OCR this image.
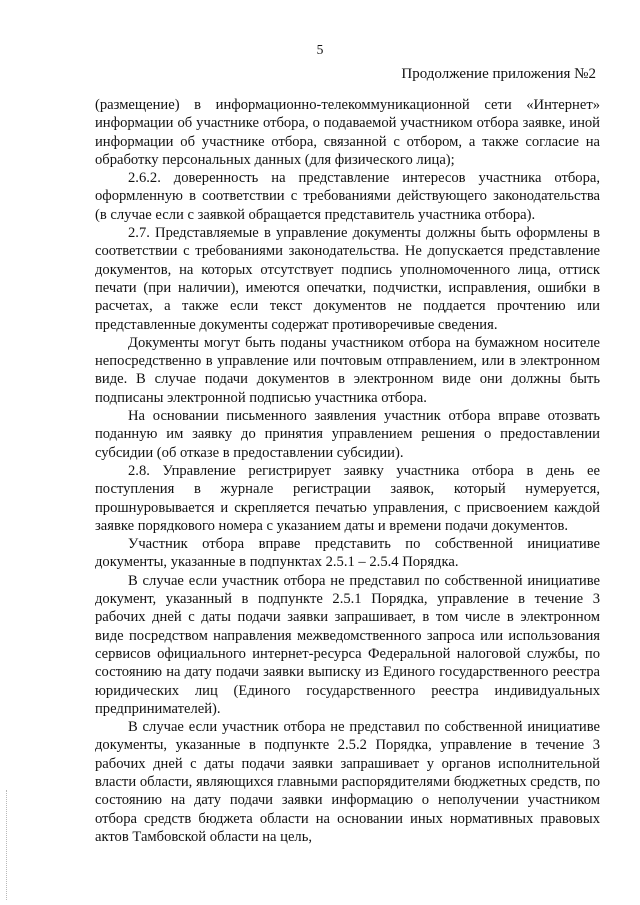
5
Продолжение приложения №2

(размещение) в информационно-телекоммуникационной сети «Интернет» информации об участнике отбора, о подаваемой участником отбора заявке, иной информации об участнике отбора, связанной с отбором, а также согласие на обработку персональных данных (для физического лица);

2.6.2. доверенность на представление интересов участника отбора, оформленную в соответствии с требованиями действующего законодательства (в случае если с заявкой обращается представитель участника отбора).

2.7. Представляемые в управление документы должны быть оформлены в соответствии с требованиями законодательства. Не допускается представление документов, на которых отсутствует подпись уполномоченного лица, оттиск печати (при наличии), имеются опечатки, подчистки, исправления, ошибки в расчетах, а также если текст документов не поддается прочтению или представленные документы содержат противоречивые сведения.

Документы могут быть поданы участником отбора на бумажном носителе непосредственно в управление или почтовым отправлением, или в электронном виде. В случае подачи документов в электронном виде они должны быть подписаны электронной подписью участника отбора.

На основании письменного заявления участник отбора вправе отозвать поданную им заявку до принятия управлением решения о предоставлении субсидии (об отказе в предоставлении субсидии).

2.8. Управление регистрирует заявку участника отбора в день ее поступления в журнале регистрации заявок, который нумеруется, прошнуровывается и скрепляется печатью управления, с присвоением каждой заявке порядкового номера с указанием даты и времени подачи документов.

Участник отбора вправе представить по собственной инициативе документы, указанные в подпунктах 2.5.1 – 2.5.4 Порядка.

В случае если участник отбора не представил по собственной инициативе документ, указанный в подпункте 2.5.1 Порядка, управление в течение 3 рабочих дней с даты подачи заявки запрашивает, в том числе в электронном виде посредством направления межведомственного запроса или использования сервисов официального интернет-ресурса Федеральной налоговой службы, по состоянию на дату подачи заявки выписку из Единого государственного реестра юридических лиц (Единого государственного реестра индивидуальных предпринимателей).

В случае если участник отбора не представил по собственной инициативе документы, указанные в подпункте 2.5.2 Порядка, управление в течение 3 рабочих дней с даты подачи заявки запрашивает у органов исполнительной власти области, являющихся главными распорядителями бюджетных средств, по состоянию на дату подачи заявки информацию о неполучении участником отбора средств бюджета области на основании иных нормативных правовых актов Тамбовской области на цель,
